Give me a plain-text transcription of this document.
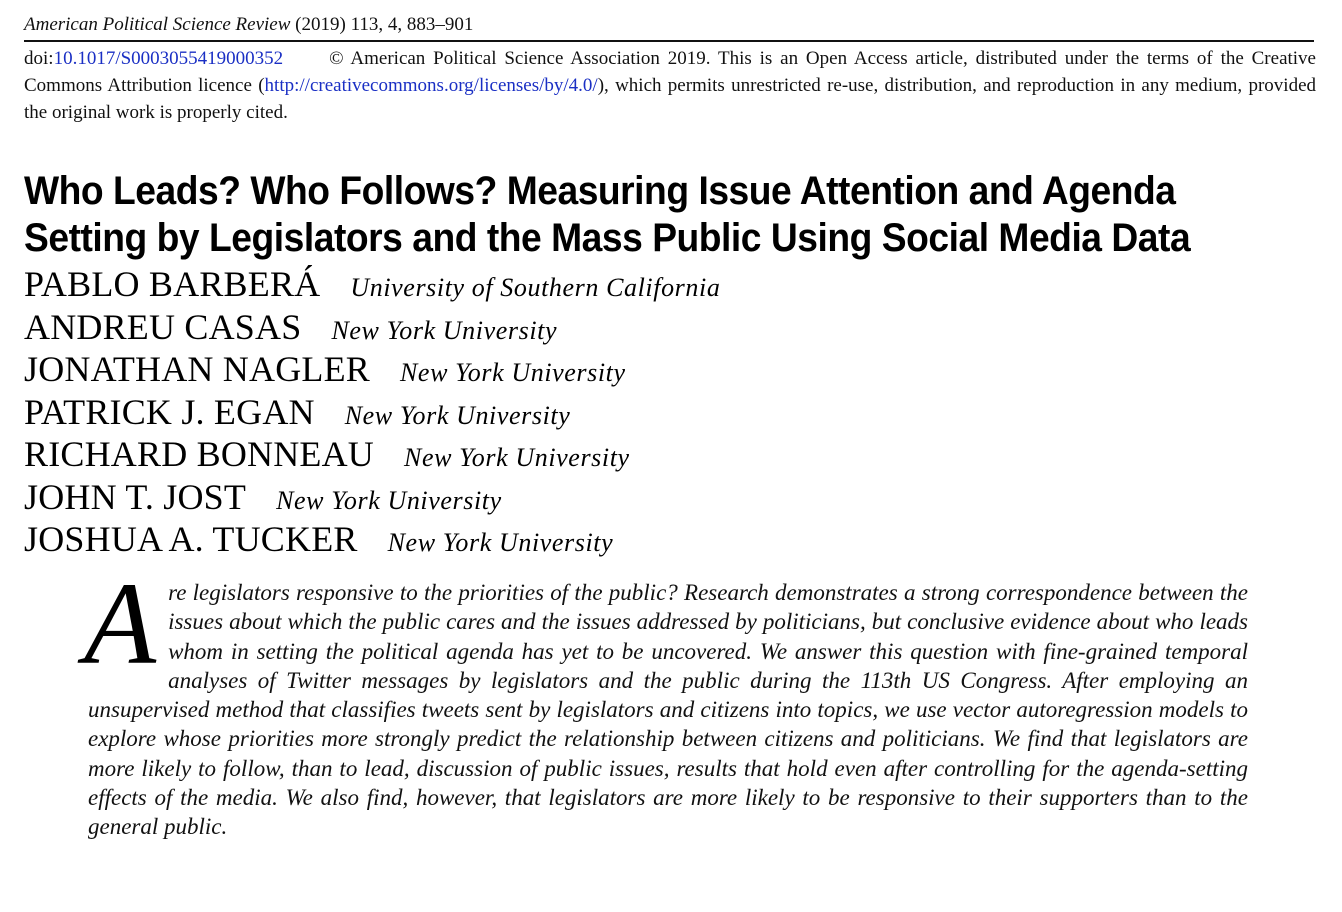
American Political Science Review (2019) 113, 4, 883–901
doi:10.1017/S0003055419000352 © American Political Science Association 2019. This is an Open Access article, distributed under the terms of the Creative Commons Attribution licence (http://creativecommons.org/licenses/by/4.0/), which permits unrestricted re-use, distribution, and reproduction in any medium, provided the original work is properly cited.
Who Leads? Who Follows? Measuring Issue Attention and Agenda
Setting by Legislators and the Mass Public Using Social Media Data
PABLO BARBERÁ University of Southern California
ANDREU CASAS New York University
JONATHAN NAGLER New York University
PATRICK J. EGAN New York University
RICHARD BONNEAU New York University
JOHN T. JOST New York University
JOSHUA A. TUCKER New York University

Are legislators responsive to the priorities of the public? Research demonstrates a strong correspondence between the issues about which the public cares and the issues addressed by politicians, but conclusive evidence about who leads whom in setting the political agenda has yet to be uncovered. We answer this question with fine-grained temporal analyses of Twitter messages by legislators and the public during the 113th US Congress. After employing an unsupervised method that classifies tweets sent by legislators and citizens into topics, we use vector autoregression models to explore whose priorities more strongly predict the relationship between citizens and politicians. We find that legislators are more likely to follow, than to lead, discussion of public issues, results that hold even after controlling for the agenda-setting effects of the media. We also find, however, that legislators are more likely to be responsive to their supporters than to the general public.
